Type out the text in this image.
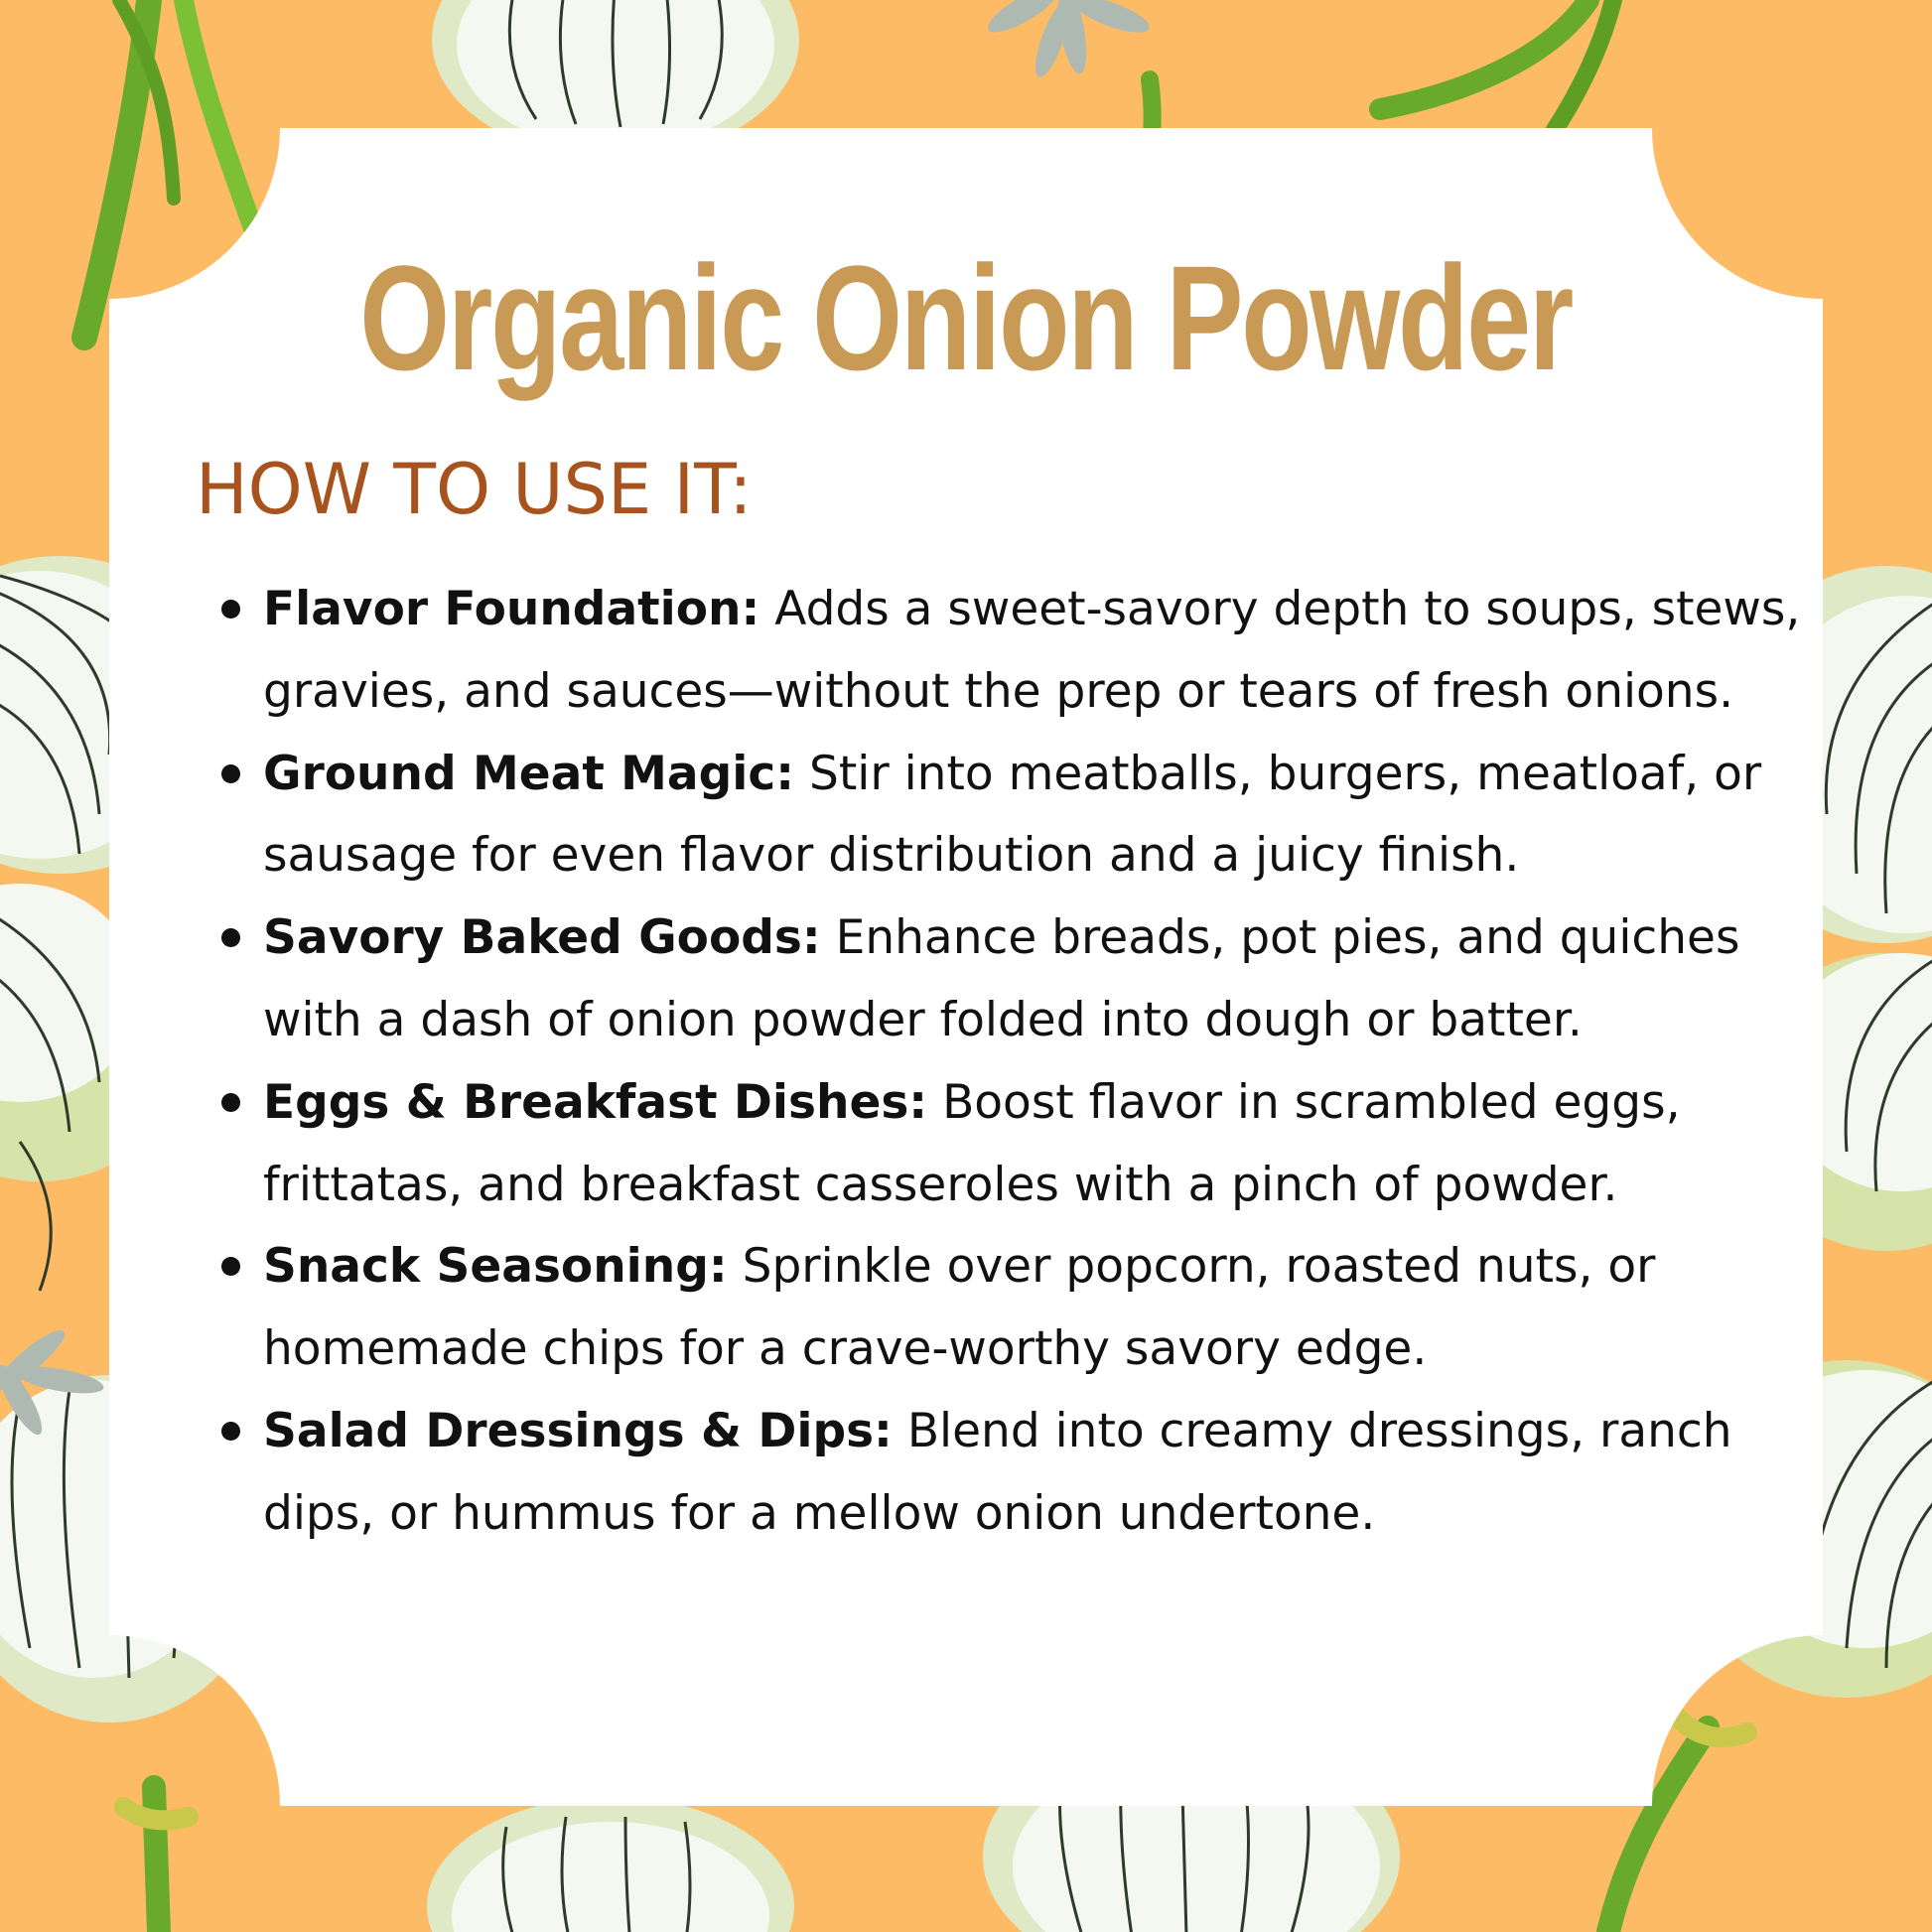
Organic Onion Powder
HOW TO USE IT:
Flavor Foundation: Adds a sweet-savory depth to soups, stews, gravies, and sauces—without the prep or tears of fresh onions.
Ground Meat Magic: Stir into meatballs, burgers, meatloaf, or sausage for even flavor distribution and a juicy finish.
Savory Baked Goods: Enhance breads, pot pies, and quiches with a dash of onion powder folded into dough or batter.
Eggs & Breakfast Dishes: Boost flavor in scrambled eggs, frittatas, and breakfast casseroles with a pinch of powder.
Snack Seasoning: Sprinkle over popcorn, roasted nuts, or homemade chips for a crave-worthy savory edge.
Salad Dressings & Dips: Blend into creamy dressings, ranch dips, or hummus for a mellow onion undertone.
